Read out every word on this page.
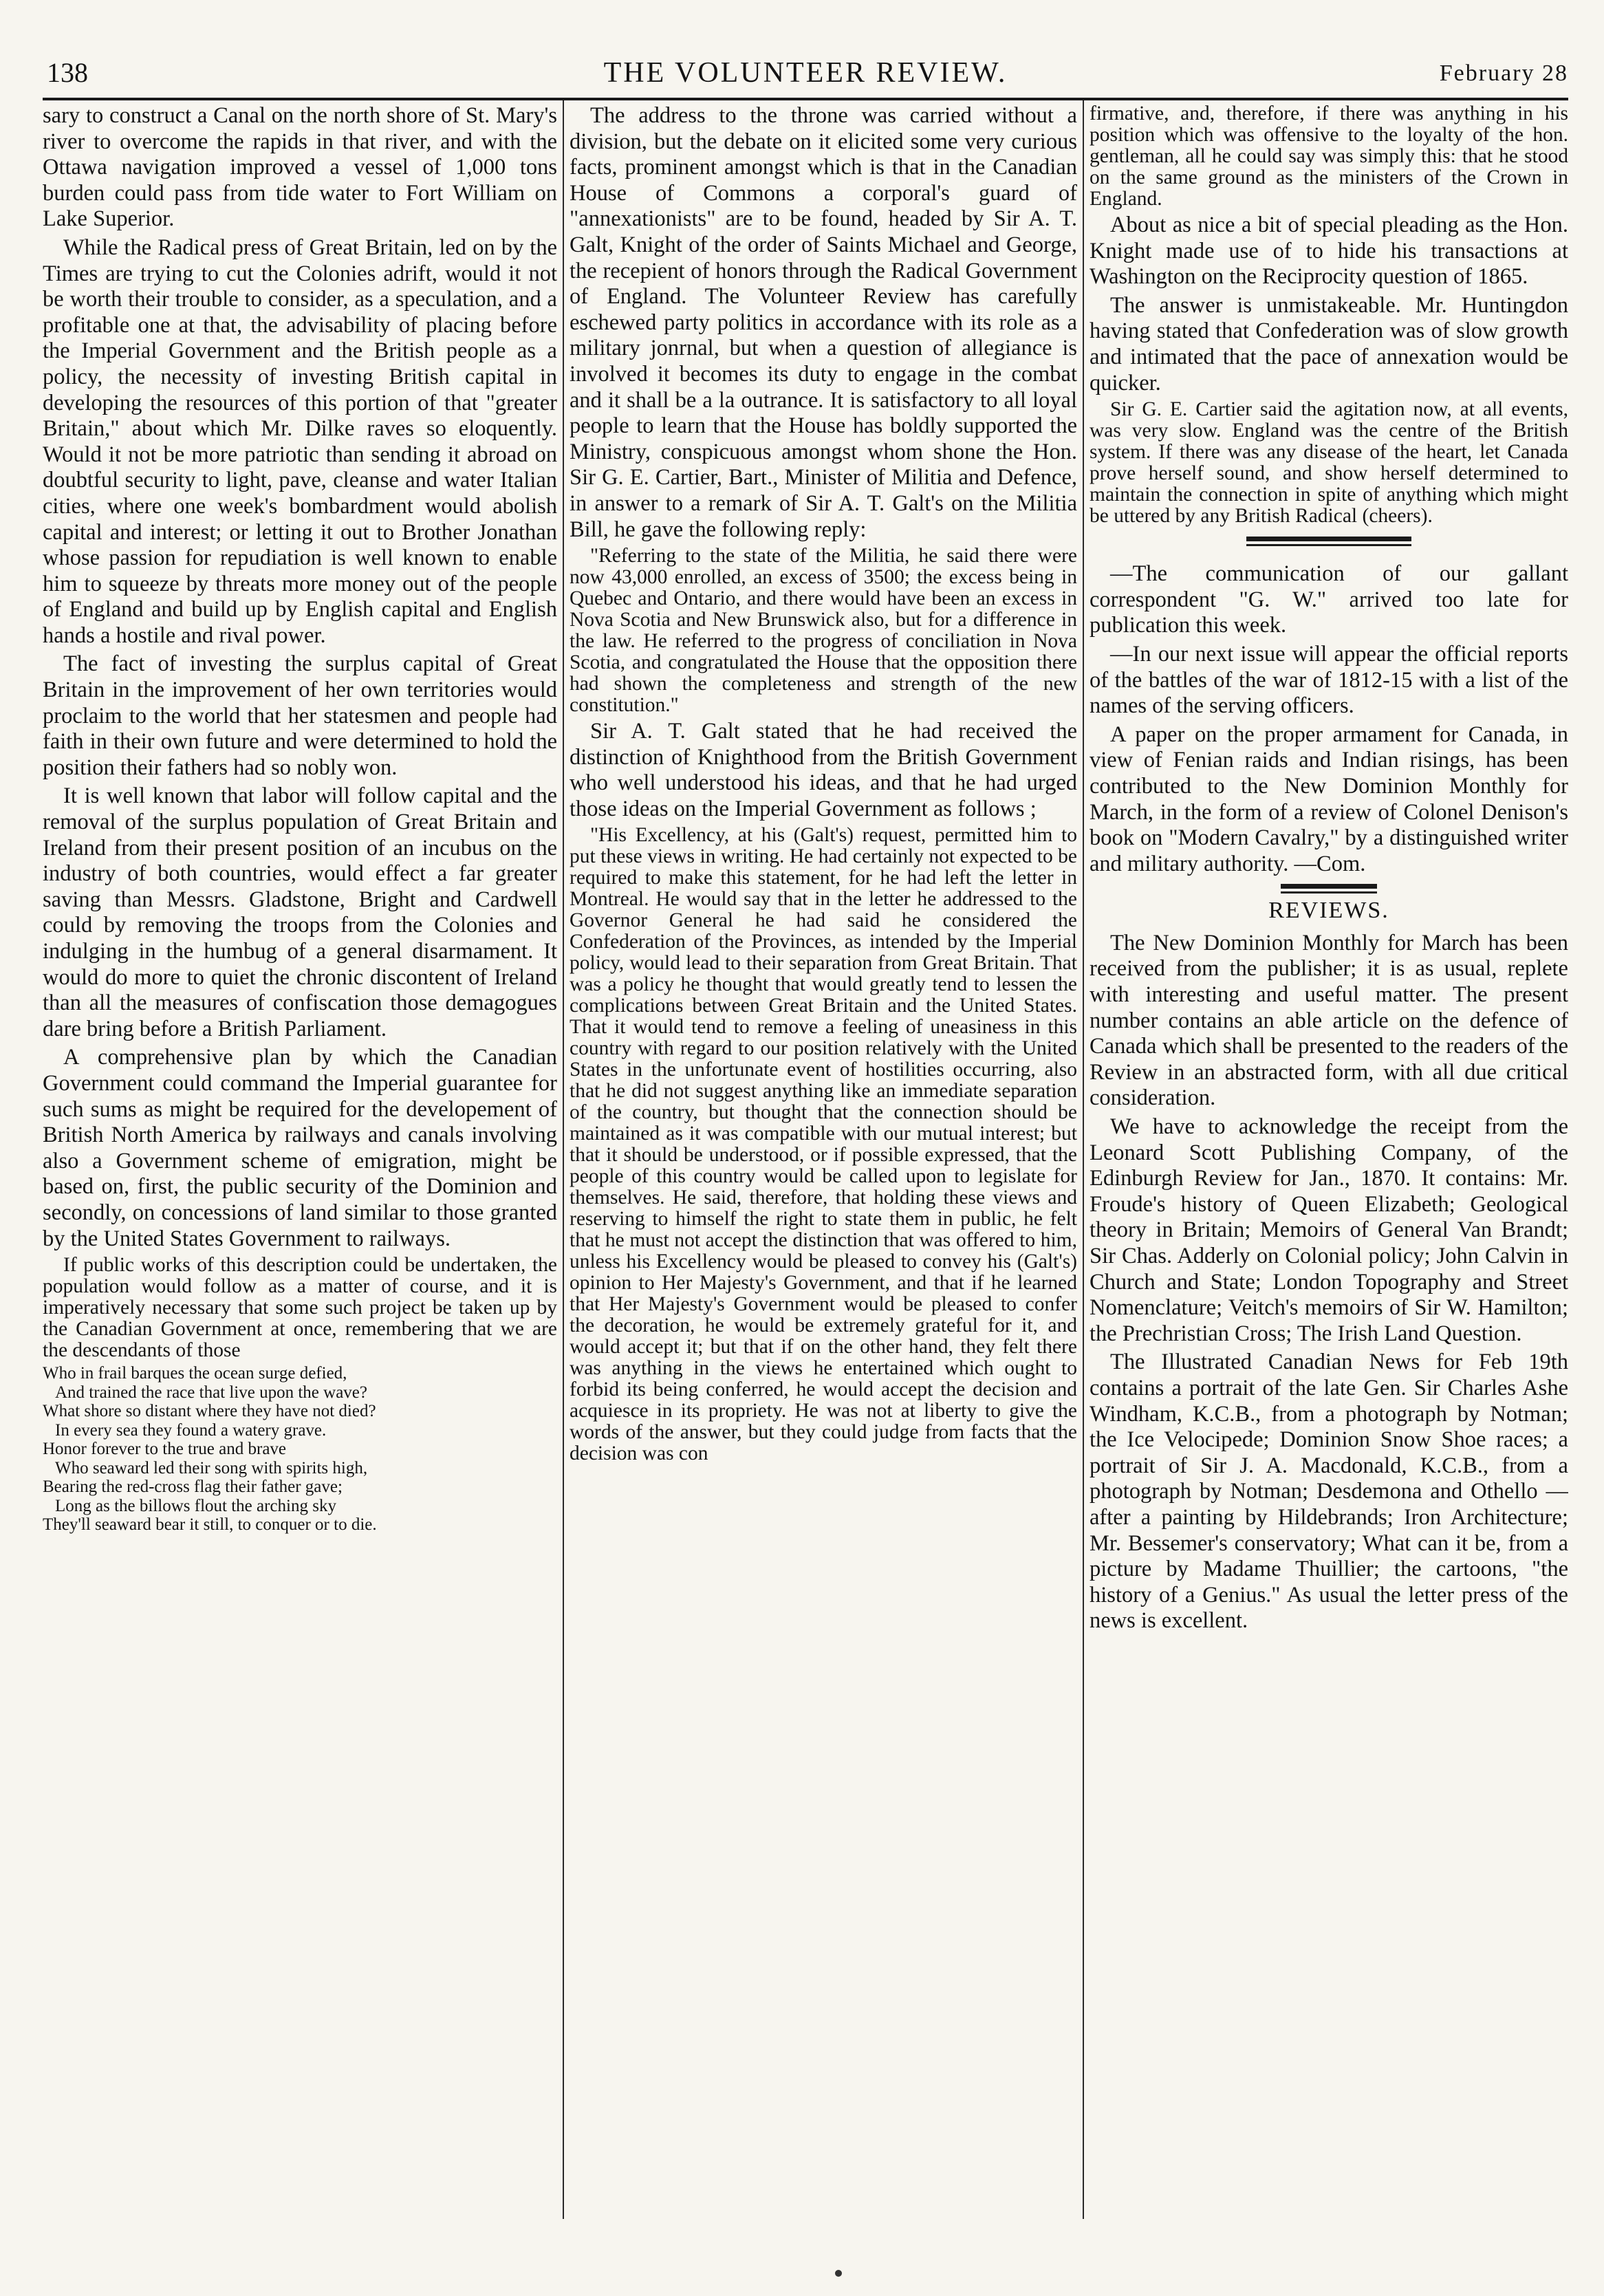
138	THE VOLUNTEER REVIEW.	February 28

sary to construct a Canal on the north shore of St. Mary's river to overcome the rapids in that river, and with the Ottawa navigation improved a vessel of 1,000 tons burden could pass from tide water to Fort William on Lake Superior.

While the Radical press of Great Britain, led on by the Times are trying to cut the Colonies adrift, would it not be worth their trouble to consider, as a speculation, and a profitable one at that, the advisability of placing before the Imperial Government and the British people as a policy, the necessity of investing British capital in developing the resources of this portion of that "greater Britain," about which Mr. Dilke raves so eloquently. Would it not be more patriotic than sending it abroad on doubtful security to light, pave, cleanse and water Italian cities, where one week's bombardment would abolish capital and interest; or letting it out to Brother Jonathan whose passion for repudiation is well known to enable him to squeeze by threats more money out of the people of England and build up by English capital and English hands a hostile and rival power.

The fact of investing the surplus capital of Great Britain in the improvement of her own territories would proclaim to the world that her statesmen and people had faith in their own future and were determined to hold the position their fathers had so nobly won.

It is well known that labor will follow capital and the removal of the surplus population of Great Britain and Ireland from their present position of an incubus on the industry of both countries, would effect a far greater saving than Messrs. Gladstone, Bright and Cardwell could by removing the troops from the Colonies and indulging in the humbug of a general disarmament. It would do more to quiet the chronic discontent of Ireland than all the measures of confiscation those demagogues dare bring before a British Parliament.

A comprehensive plan by which the Canadian Government could command the Imperial guarantee for such sums as might be required for the developement of British North America by railways and canals involving also a Government scheme of emigration, might be based on, first, the public security of the Dominion and secondly, on concessions of land similar to those granted by the United States Government to railways.

If public works of this description could be undertaken, the population would follow as a matter of course, and it is imperatively necessary that some such project be taken up by the Canadian Government at once, remembering that we are the descendants of those

Who in frail barques the ocean surge defied,
And trained the race that live upon the wave?
What shore so distant where they have not died?
In every sea they found a watery grave.
Honor forever to the true and brave
Who seaward led their song with spirits high,
Bearing the red-cross flag their father gave;
Long as the billows flout the arching sky
They'll seaward bear it still, to conquer or to die.

The address to the throne was carried without a division, but the debate on it elicited some very curious facts, prominent amongst which is that in the Canadian House of Commons a corporal's guard of "annexationists" are to be found, headed by Sir A. T. Galt, Knight of the order of Saints Michael and George, the recepient of honors through the Radical Government of England. The Volunteer Review has carefully eschewed party politics in accordance with its role as a military jonrnal, but when a question of allegiance is involved it becomes its duty to engage in the combat and it shall be a la outrance. It is satisfactory to all loyal people to learn that the House has boldly supported the Ministry, conspicuous amongst whom shone the Hon. Sir G. E. Cartier, Bart., Minister of Militia and Defence, in answer to a remark of Sir A. T. Galt's on the Militia Bill, he gave the following reply:

"Referring to the state of the Militia, he said there were now 43,000 enrolled, an excess of 3500; the excess being in Quebec and Ontario, and there would have been an excess in Nova Scotia and New Brunswick also, but for a difference in the law. He referred to the progress of conciliation in Nova Scotia, and congratulated the House that the opposition there had shown the completeness and strength of the new constitution."

Sir A. T. Galt stated that he had received the distinction of Knighthood from the British Government who well understood his ideas, and that he had urged those ideas on the Imperial Government as follows ;

"His Excellency, at his (Galt's) request, permitted him to put these views in writing. He had certainly not expected to be required to make this statement, for he had left the letter in Montreal. He would say that in the letter he addressed to the Governor General he had said he considered the Confederation of the Provinces, as intended by the Imperial policy, would lead to their separation from Great Britain. That was a policy he thought that would greatly tend to lessen the complications between Great Britain and the United States. That it would tend to remove a feeling of uneasiness in this country with regard to our position relatively with the United States in the unfortunate event of hostilities occurring, also that he did not suggest anything like an immediate separation of the country, but thought that the connection should be maintained as it was compatible with our mutual interest; but that it should be understood, or if possible expressed, that the people of this country would be called upon to legislate for themselves. He said, therefore, that holding these views and reserving to himself the right to state them in public, he felt that he must not accept the distinction that was offered to him, unless his Excellency would be pleased to convey his (Galt's) opinion to Her Majesty's Government, and that if he learned that Her Majesty's Government would be pleased to confer the decoration, he would be extremely grateful for it, and would accept it; but that if on the other hand, they felt there was anything in the views he entertained which ought to forbid its being conferred, he would accept the decision and acquiesce in its propriety. He was not at liberty to give the words of the answer, but they could judge from facts that the decision was con

firmative, and, therefore, if there was anything in his position which was offensive to the loyalty of the hon. gentleman, all he could say was simply this: that he stood on the same ground as the ministers of the Crown in England.

About as nice a bit of special pleading as the Hon. Knight made use of to hide his transactions at Washington on the Reciprocity question of 1865.

The answer is unmistakeable. Mr. Huntingdon having stated that Confederation was of slow growth and intimated that the pace of annexation would be quicker.

Sir G. E. Cartier said the agitation now, at all events, was very slow. England was the centre of the British system. If there was any disease of the heart, let Canada prove herself sound, and show herself determined to maintain the connection in spite of anything which might be uttered by any British Radical (cheers).

—The communication of our gallant correspondent "G. W." arrived too late for publication this week.

—In our next issue will appear the official reports of the battles of the war of 1812-15 with a list of the names of the serving officers.

A paper on the proper armament for Canada, in view of Fenian raids and Indian risings, has been contributed to the New Dominion Monthly for March, in the form of a review of Colonel Denison's book on "Modern Cavalry," by a distinguished writer and military authority. —Com.

REVIEWS.

The New Dominion Monthly for March has been received from the publisher; it is as usual, replete with interesting and useful matter. The present number contains an able article on the defence of Canada which shall be presented to the readers of the Review in an abstracted form, with all due critical consideration.

We have to acknowledge the receipt from the Leonard Scott Publishing Company, of the Edinburgh Review for Jan., 1870. It contains: Mr. Froude's history of Queen Elizabeth; Geological theory in Britain; Memoirs of General Van Brandt; Sir Chas. Adderly on Colonial policy; John Calvin in Church and State; London Topography and Street Nomenclature; Veitch's memoirs of Sir W. Hamilton; the Prechristian Cross; The Irish Land Question.

The Illustrated Canadian News for Feb 19th contains a portrait of the late Gen. Sir Charles Ashe Windham, K.C.B., from a photograph by Notman; the Ice Velocipede; Dominion Snow Shoe races; a portrait of Sir J. A. Macdonald, K.C.B., from a photograph by Notman; Desdemona and Othello —after a painting by Hildebrands; Iron Architecture; Mr. Bessemer's conservatory; What can it be, from a picture by Madame Thuillier; the cartoons, "the history of a Genius." As usual the letter press of the news is excellent.
